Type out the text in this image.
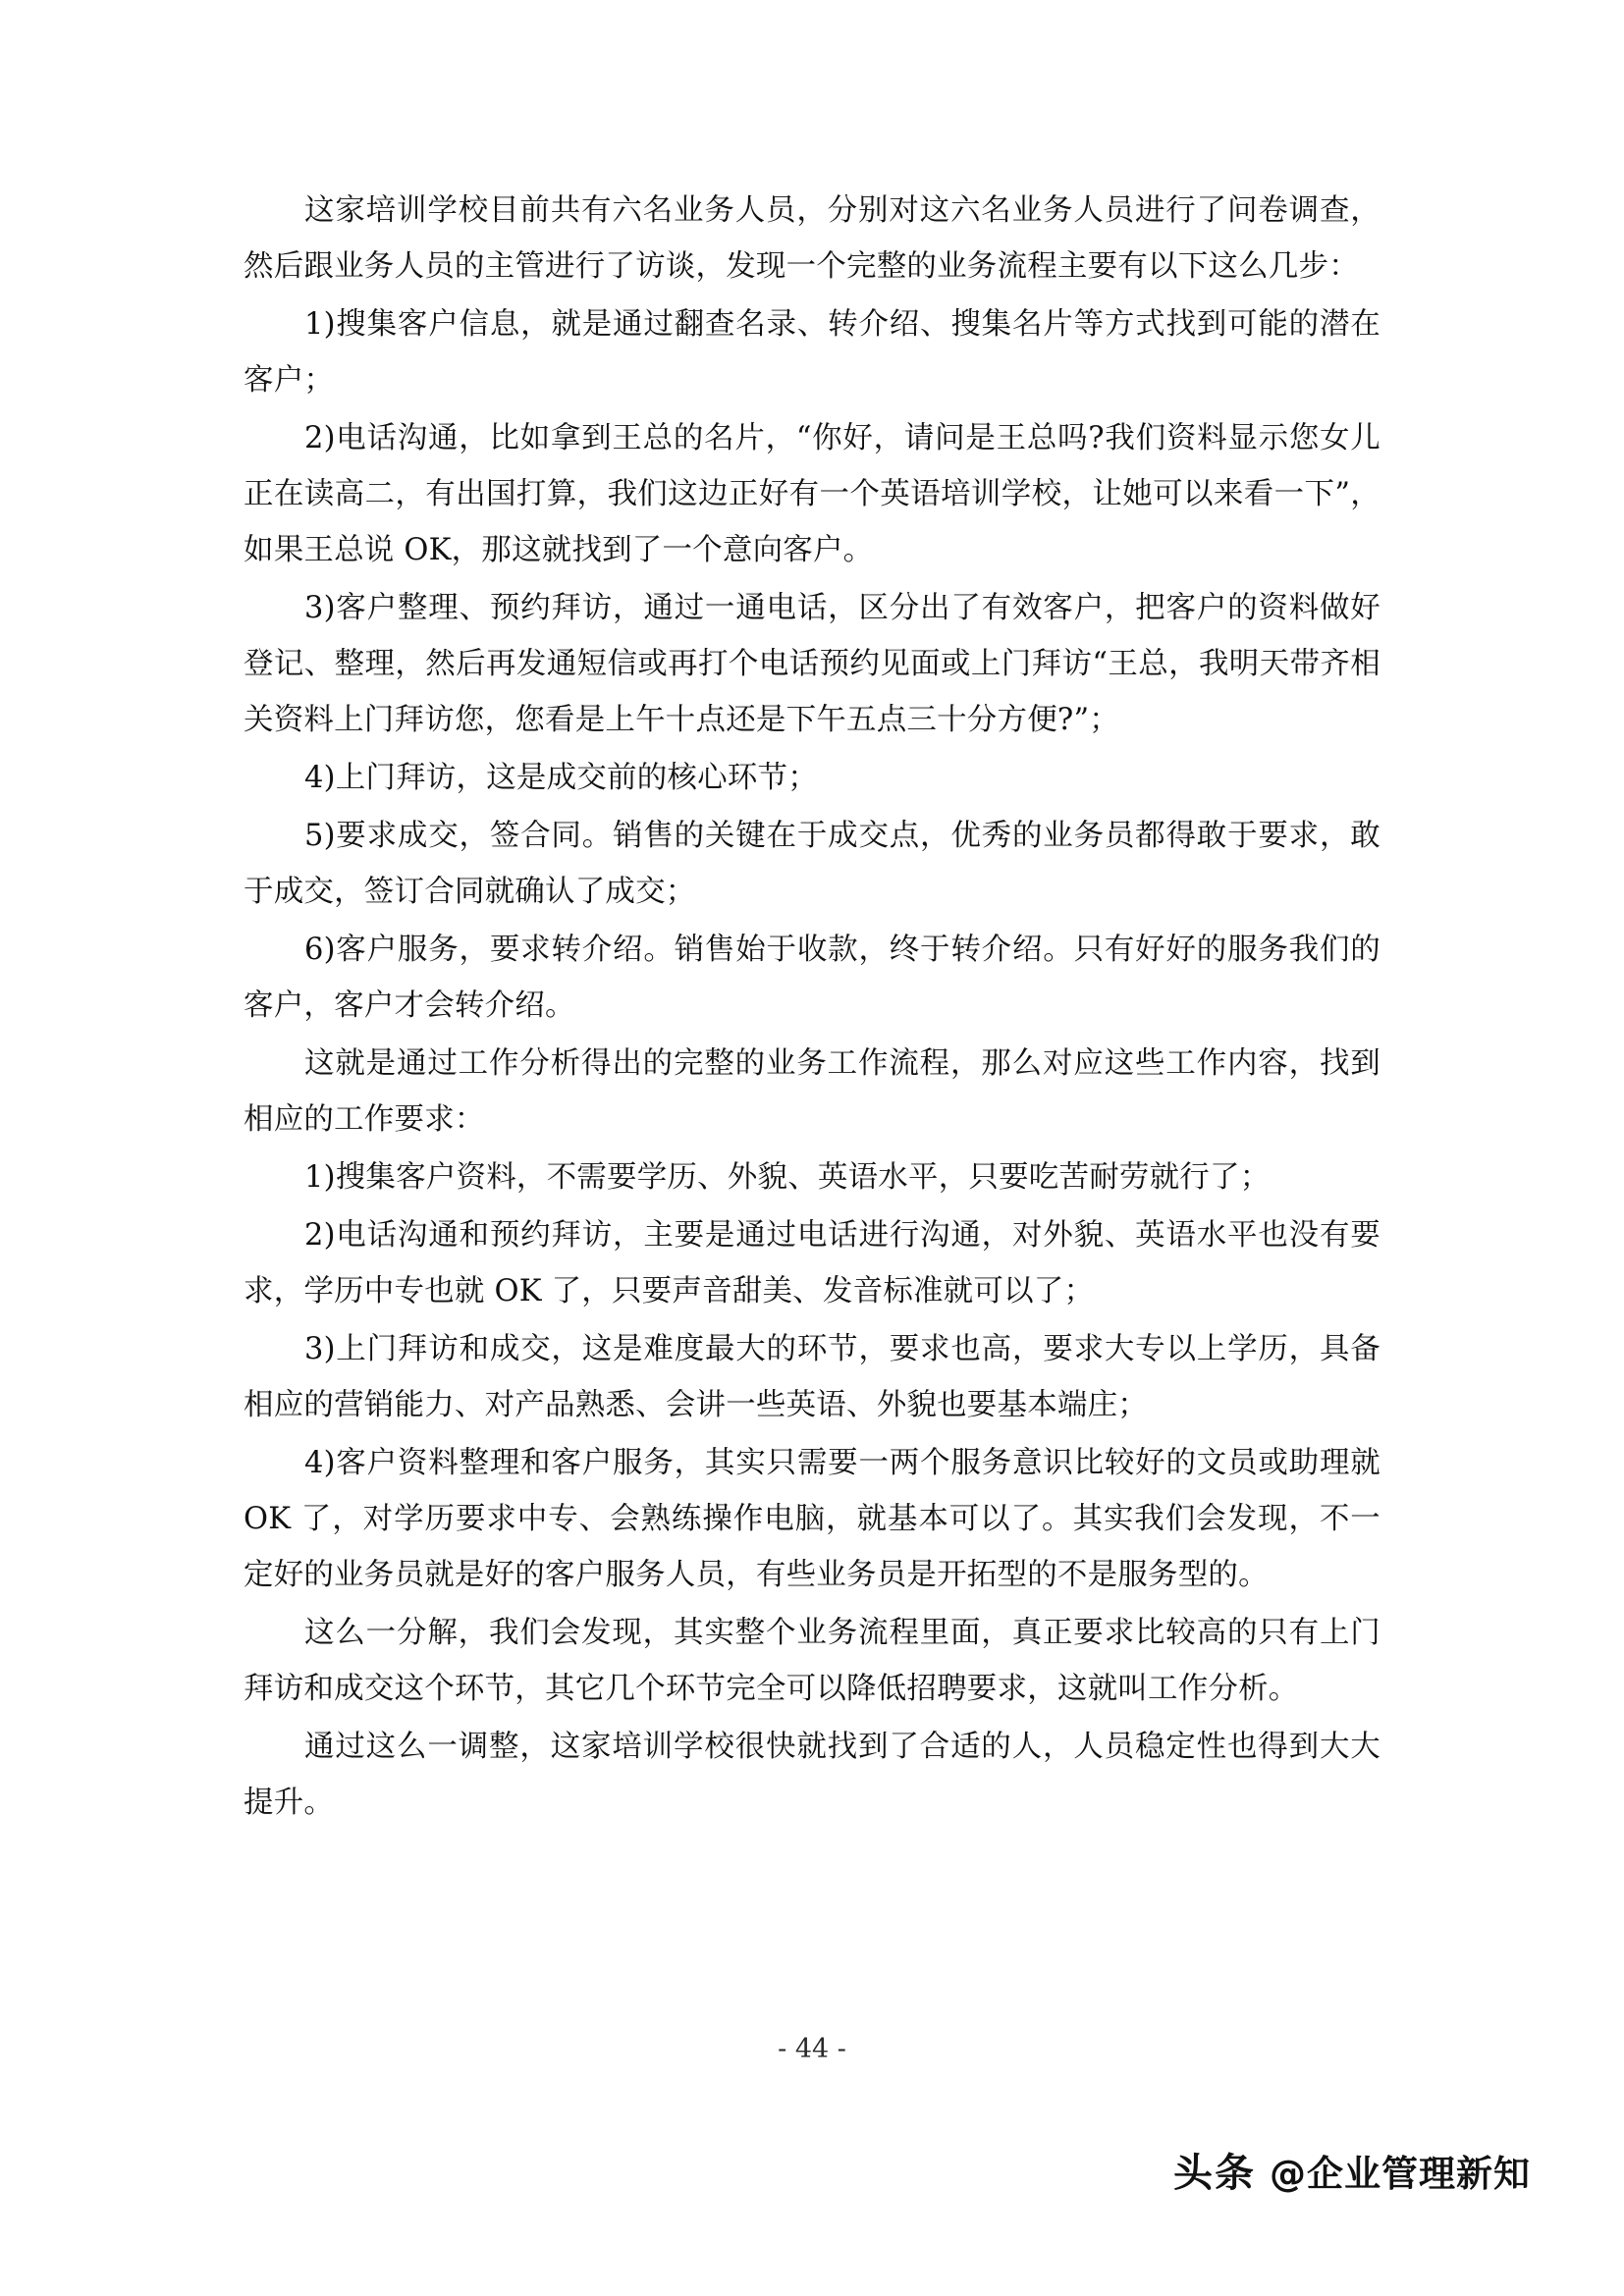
这家培训学校目前共有六名业务人员，分别对这六名业务人员进行了问卷调查，然后跟业务人员的主管进行了访谈，发现一个完整的业务流程主要有以下这么几步：

1)搜集客户信息，就是通过翻查名录、转介绍、搜集名片等方式找到可能的潜在客户；

2)电话沟通，比如拿到王总的名片，“你好，请问是王总吗?我们资料显示您女儿正在读高二，有出国打算，我们这边正好有一个英语培训学校，让她可以来看一下”，如果王总说 OK，那这就找到了一个意向客户。

3)客户整理、预约拜访，通过一通电话，区分出了有效客户，把客户的资料做好登记、整理，然后再发通短信或再打个电话预约见面或上门拜访“王总，我明天带齐相关资料上门拜访您，您看是上午十点还是下午五点三十分方便?”；

4)上门拜访，这是成交前的核心环节；

5)要求成交，签合同。销售的关键在于成交点，优秀的业务员都得敢于要求，敢于成交，签订合同就确认了成交；

6)客户服务，要求转介绍。销售始于收款，终于转介绍。只有好好的服务我们的客户，客户才会转介绍。

这就是通过工作分析得出的完整的业务工作流程，那么对应这些工作内容，找到相应的工作要求：

1)搜集客户资料，不需要学历、外貌、英语水平，只要吃苦耐劳就行了；

2)电话沟通和预约拜访，主要是通过电话进行沟通，对外貌、英语水平也没有要求，学历中专也就 OK 了，只要声音甜美、发音标准就可以了；

3)上门拜访和成交，这是难度最大的环节，要求也高，要求大专以上学历，具备相应的营销能力、对产品熟悉、会讲一些英语、外貌也要基本端庄；

4)客户资料整理和客户服务，其实只需要一两个服务意识比较好的文员或助理就 OK 了，对学历要求中专、会熟练操作电脑，就基本可以了。其实我们会发现，不一定好的业务员就是好的客户服务人员，有些业务员是开拓型的不是服务型的。

这么一分解，我们会发现，其实整个业务流程里面，真正要求比较高的只有上门拜访和成交这个环节，其它几个环节完全可以降低招聘要求，这就叫工作分析。

通过这么一调整，这家培训学校很快就找到了合适的人，人员稳定性也得到大大提升。

- 44 -
头条 @企业管理新知
